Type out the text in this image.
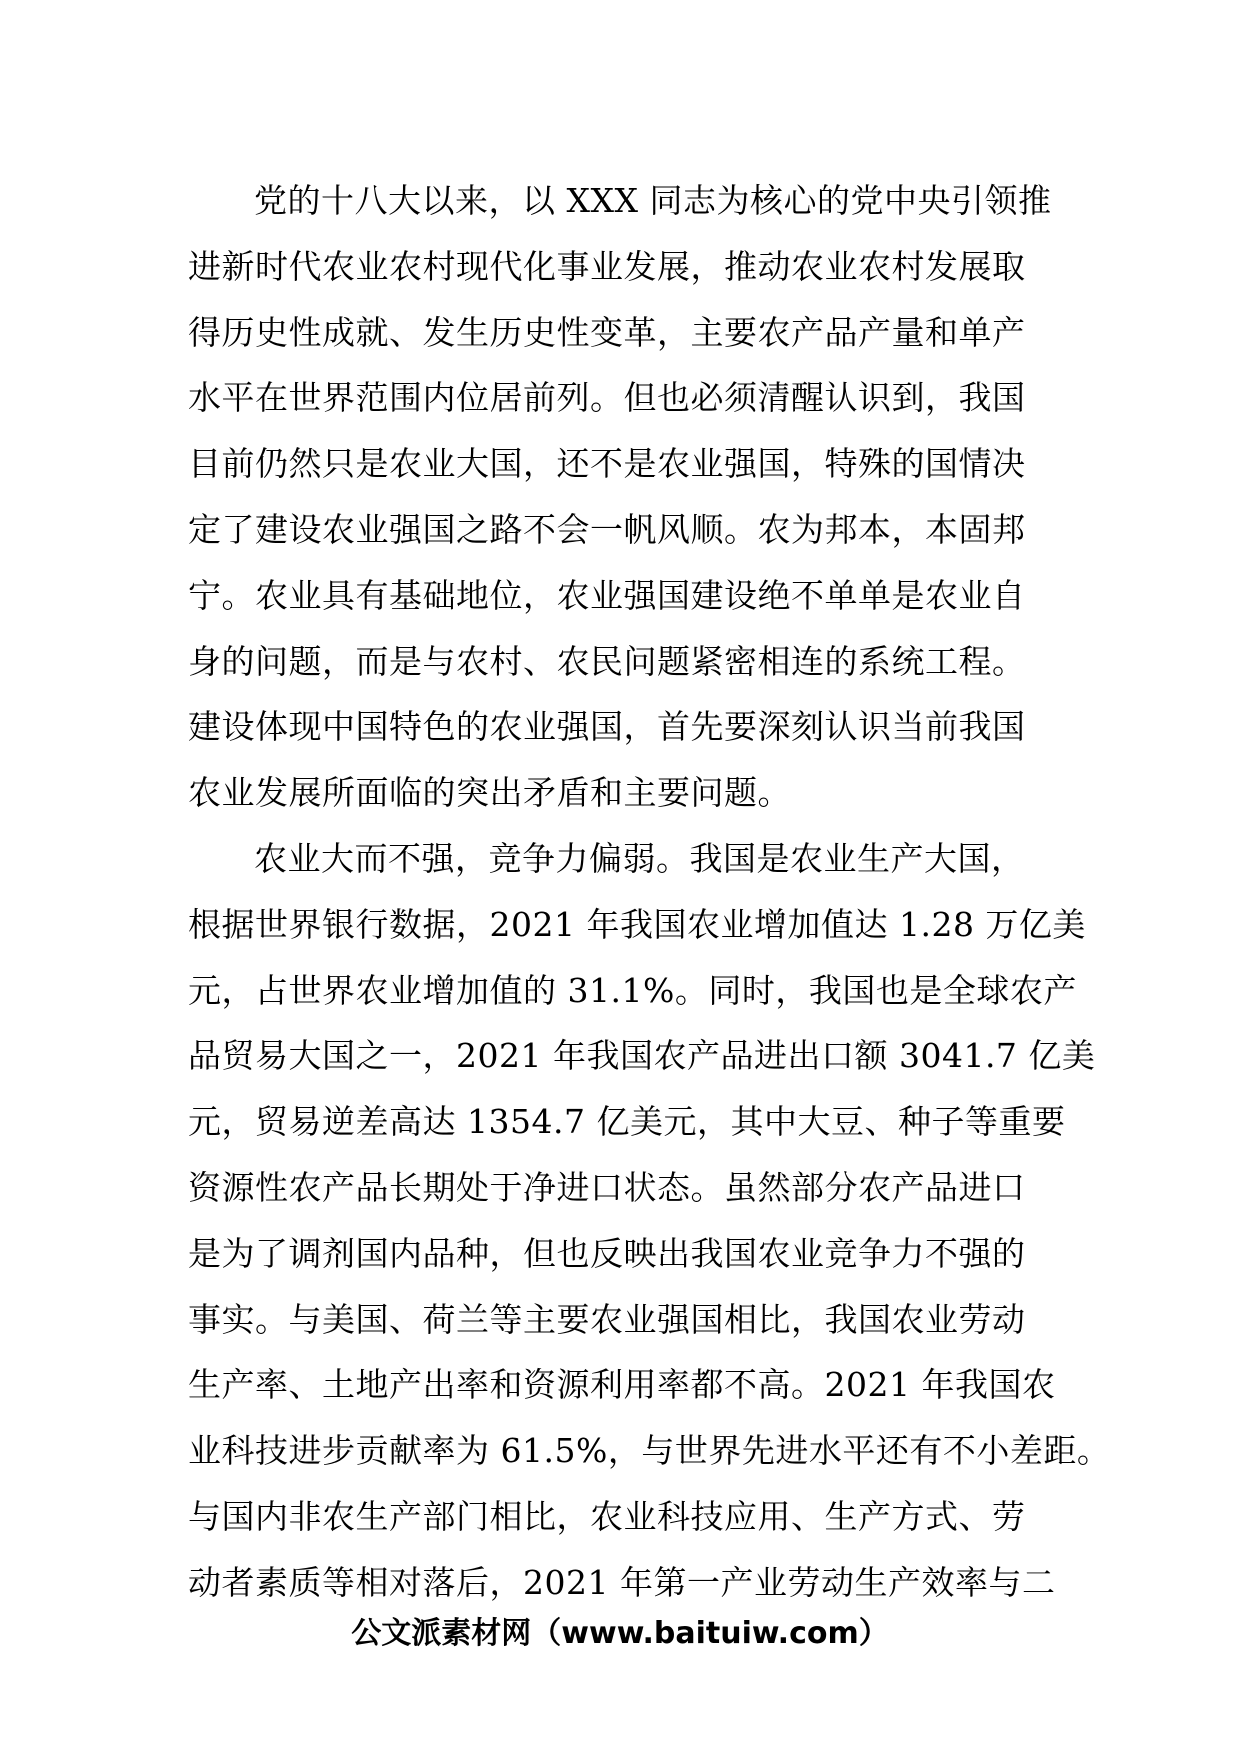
党的十八大以来，以 XXX 同志为核心的党中央引领推
进新时代农业农村现代化事业发展，推动农业农村发展取
得历史性成就、发生历史性变革，主要农产品产量和单产
水平在世界范围内位居前列。但也必须清醒认识到，我国
目前仍然只是农业大国，还不是农业强国，特殊的国情决
定了建设农业强国之路不会一帆风顺。农为邦本，本固邦
宁。农业具有基础地位，农业强国建设绝不单单是农业自
身的问题，而是与农村、农民问题紧密相连的系统工程。
建设体现中国特色的农业强国，首先要深刻认识当前我国
农业发展所面临的突出矛盾和主要问题。

农业大而不强，竞争力偏弱。我国是农业生产大国，
根据世界银行数据，2021 年我国农业增加值达 1.28 万亿美
元，占世界农业增加值的 31.1%。同时，我国也是全球农产
品贸易大国之一，2021 年我国农产品进出口额 3041.7 亿美
元，贸易逆差高达 1354.7 亿美元，其中大豆、种子等重要
资源性农产品长期处于净进口状态。虽然部分农产品进口
是为了调剂国内品种，但也反映出我国农业竞争力不强的
事实。与美国、荷兰等主要农业强国相比，我国农业劳动
生产率、土地产出率和资源利用率都不高。2021 年我国农
业科技进步贡献率为 61.5%，与世界先进水平还有不小差距。
与国内非农生产部门相比，农业科技应用、生产方式、劳
动者素质等相对落后，2021 年第一产业劳动生产效率与二

公文派素材网（www.baituiw.com）
